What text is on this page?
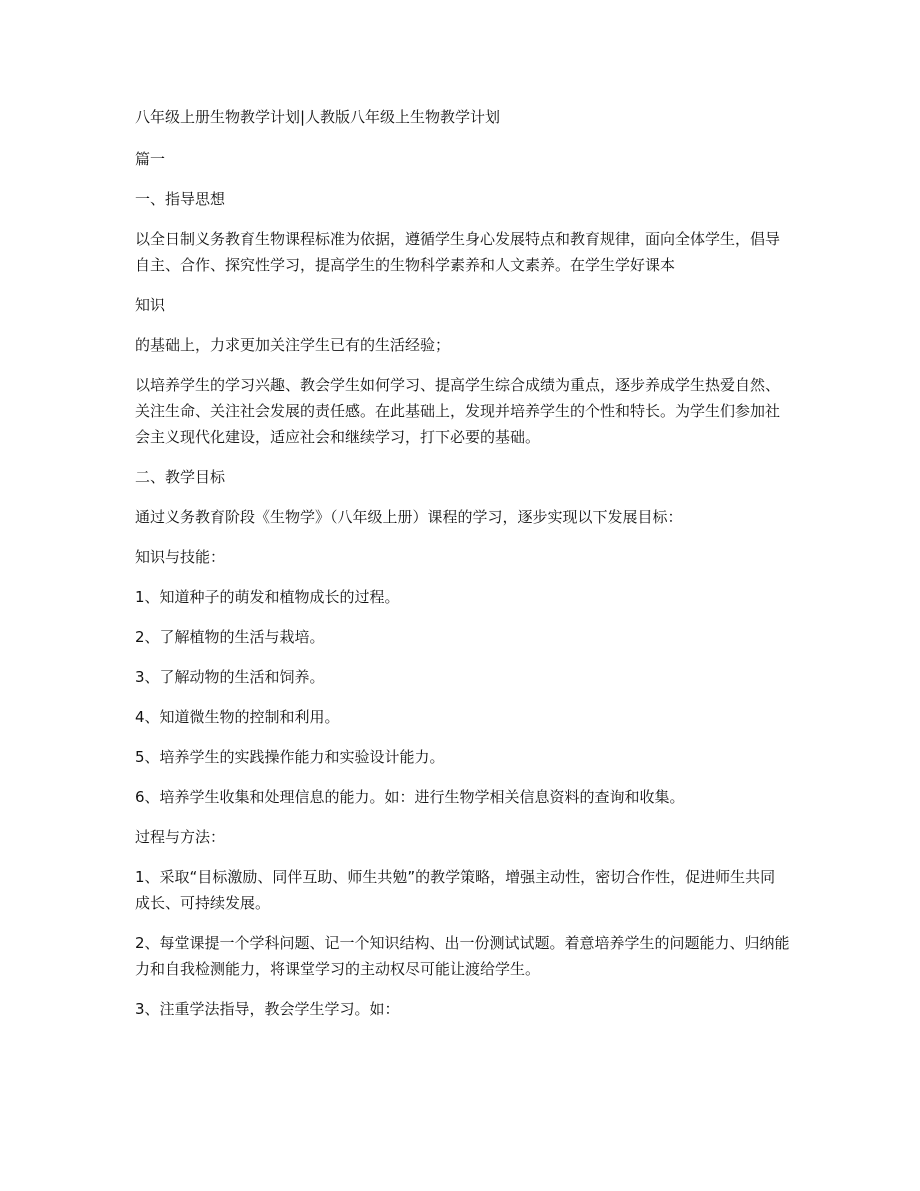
八年级上册生物教学计划|人教版八年级上生物教学计划

篇一

一、指导思想

以全日制义务教育生物课程标准为依据，遵循学生身心发展特点和教育规律，面向全体学生，倡导自主、合作、探究性学习，提高学生的生物科学素养和人文素养。在学生学好课本

知识

的基础上，力求更加关注学生已有的生活经验；

以培养学生的学习兴趣、教会学生如何学习、提高学生综合成绩为重点，逐步养成学生热爱自然、关注生命、关注社会发展的责任感。在此基础上，发现并培养学生的个性和特长。为学生们参加社会主义现代化建设，适应社会和继续学习，打下必要的基础。

二、教学目标

通过义务教育阶段《生物学》（八年级上册）课程的学习，逐步实现以下发展目标：

知识与技能：

1、知道种子的萌发和植物成长的过程。

2、了解植物的生活与栽培。

3、了解动物的生活和饲养。

4、知道微生物的控制和利用。

5、培养学生的实践操作能力和实验设计能力。

6、培养学生收集和处理信息的能力。如：进行生物学相关信息资料的查询和收集。

过程与方法：

1、采取“目标激励、同伴互助、师生共勉”的教学策略，增强主动性，密切合作性，促进师生共同成长、可持续发展。

2、每堂课提一个学科问题、记一个知识结构、出一份测试试题。着意培养学生的问题能力、归纳能力和自我检测能力，将课堂学习的主动权尽可能让渡给学生。

3、注重学法指导，教会学生学习。如：
